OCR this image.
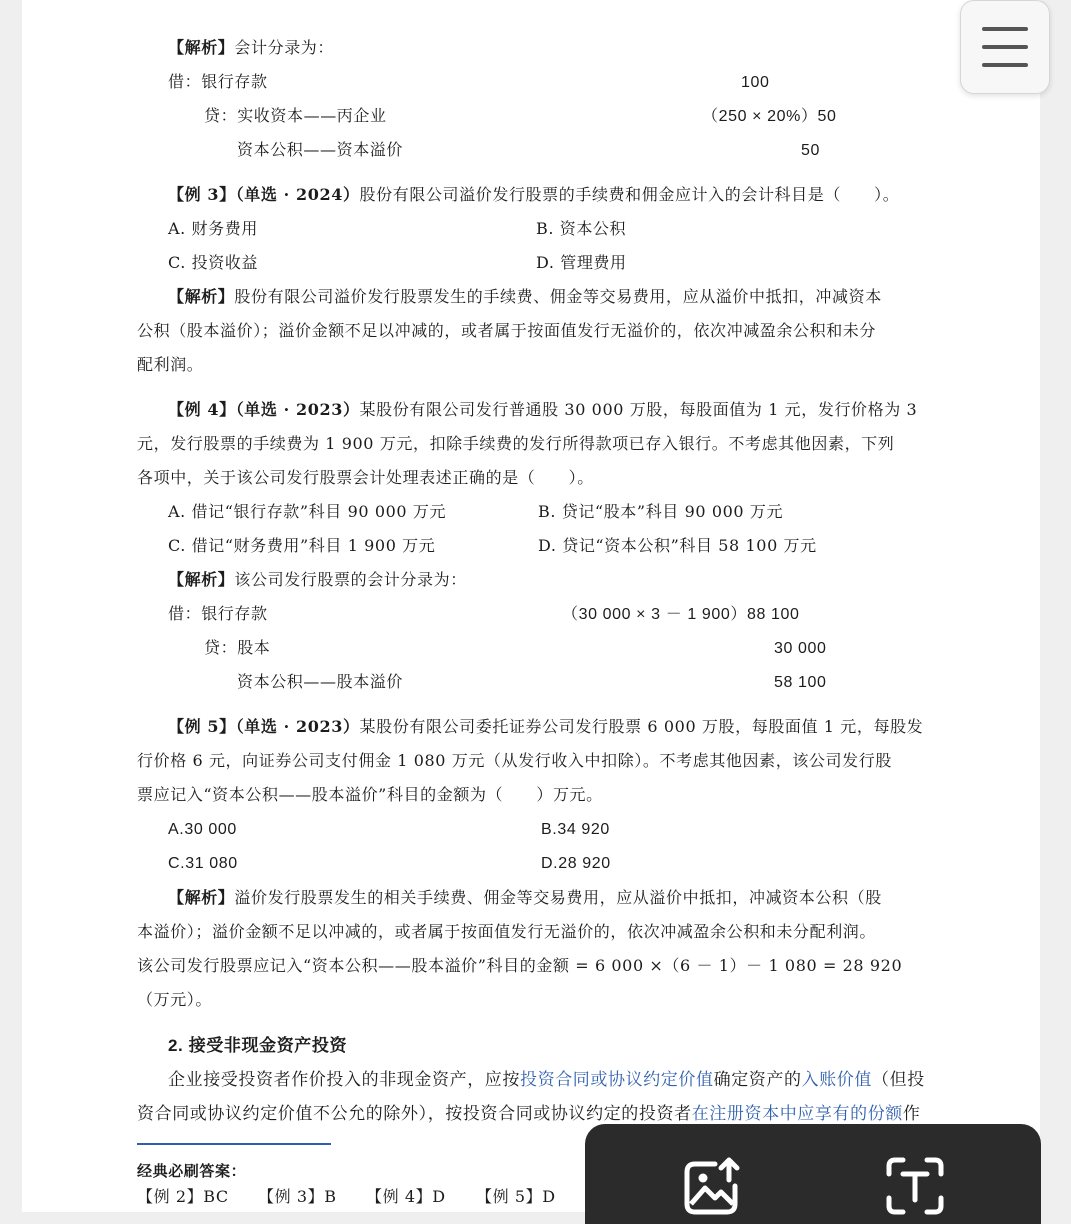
【解析】会计分录为：
借：银行存款	100
贷：实收资本——丙企业	（250 × 20%）50
资本公积——资本溢价	50
【例 3】（单选 · 2024）股份有限公司溢价发行股票的手续费和佣金应计入的会计科目是（　　）。
A. 财务费用	B. 资本公积
C. 投资收益	D. 管理费用
【解析】股份有限公司溢价发行股票发生的手续费、佣金等交易费用，应从溢价中抵扣，冲减资本
公积（股本溢价）；溢价金额不足以冲减的，或者属于按面值发行无溢价的，依次冲减盈余公积和未分
配利润。
【例 4】（单选 · 2023）某股份有限公司发行普通股 30 000 万股，每股面值为 1 元，发行价格为 3
元，发行股票的手续费为 1 900 万元，扣除手续费的发行所得款项已存入银行。不考虑其他因素，下列
各项中，关于该公司发行股票会计处理表述正确的是（　　）。
A. 借记“银行存款”科目 90 000 万元	B. 贷记“股本”科目 90 000 万元
C. 借记“财务费用”科目 1 900 万元	D. 贷记“资本公积”科目 58 100 万元
【解析】该公司发行股票的会计分录为：
借：银行存款	（30 000 × 3 － 1 900）88 100
贷：股本	30 000
资本公积——股本溢价	58 100
【例 5】（单选 · 2023）某股份有限公司委托证券公司发行股票 6 000 万股，每股面值 1 元，每股发
行价格 6 元，向证券公司支付佣金 1 080 万元（从发行收入中扣除）。不考虑其他因素，该公司发行股
票应记入“资本公积——股本溢价”科目的金额为（　　）万元。
A.30 000	B.34 920
C.31 080	D.28 920
【解析】溢价发行股票发生的相关手续费、佣金等交易费用，应从溢价中抵扣，冲减资本公积（股
本溢价）；溢价金额不足以冲减的，或者属于按面值发行无溢价的，依次冲减盈余公积和未分配利润。
该公司发行股票应记入“资本公积——股本溢价”科目的金额 = 6 000 ×（6 － 1）－ 1 080 = 28 920
（万元）。
2. 接受非现金资产投资
企业接受投资者作价投入的非现金资产，应按投资合同或协议约定价值确定资产的入账价值（但投
资合同或协议约定价值不公允的除外），按投资合同或协议约定的投资者在注册资本中应享有的份额作
经典必刷答案：
【例 2】BC 【例 3】B 【例 4】D 【例 5】D
